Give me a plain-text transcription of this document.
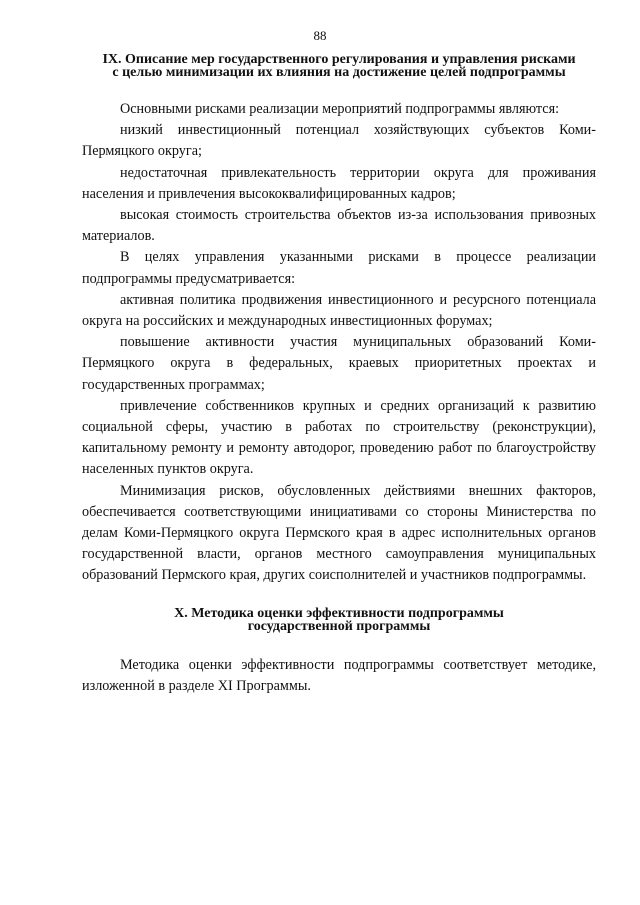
88
IX. Описание мер государственного регулирования и управления рисками
с целью минимизации их влияния на достижение целей подпрограммы

Основными рисками реализации мероприятий подпрограммы являются:

низкий инвестиционный потенциал хозяйствующих субъектов Коми-Пермяцкого округа;

недостаточная привлекательность территории округа для проживания населения и привлечения высококвалифицированных кадров;

высокая стоимость строительства объектов из-за использования привозных материалов.

В целях управления указанными рисками в процессе реализации подпрограммы предусматривается:

активная политика продвижения инвестиционного и ресурсного потенциала округа на российских и международных инвестиционных форумах;

повышение активности участия муниципальных образований Коми-Пермяцкого округа в федеральных, краевых приоритетных проектах и государственных программах;

привлечение собственников крупных и средних организаций к развитию социальной сферы, участию в работах по строительству (реконструкции), капитальному ремонту и ремонту автодорог, проведению работ по благоустройству населенных пунктов округа.

Минимизация рисков, обусловленных действиями внешних факторов, обеспечивается соответствующими инициативами со стороны Министерства по делам Коми-Пермяцкого округа Пермского края в адрес исполнительных органов государственной власти, органов местного самоуправления муниципальных образований Пермского края, других соисполнителей и участников подпрограммы.

X. Методика оценки эффективности подпрограммы
государственной программы

Методика оценки эффективности подпрограммы соответствует методике, изложенной в разделе XI Программы.
